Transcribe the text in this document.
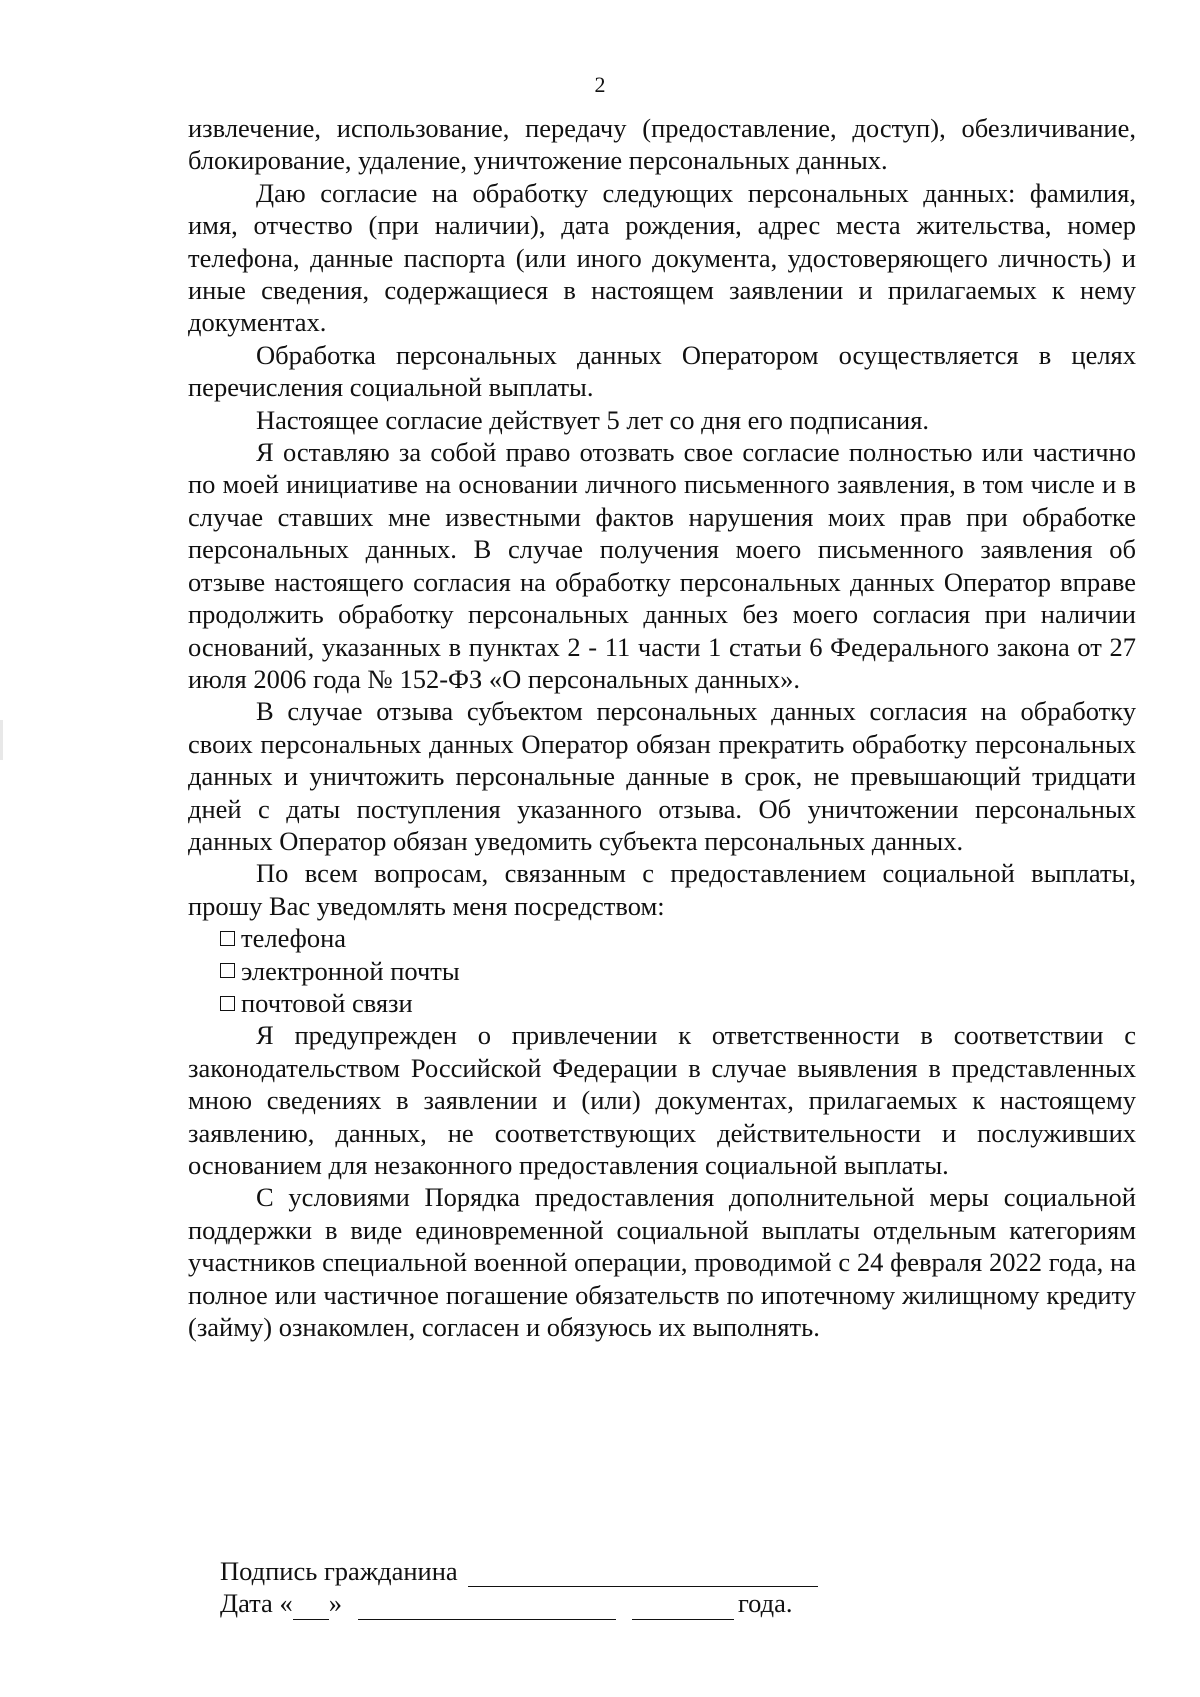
2

извлечение, использование, передачу (предоставление, доступ), обезличивание, блокирование, удаление, уничтожение персональных данных.

Даю согласие на обработку следующих персональных данных: фамилия, имя, отчество (при наличии), дата рождения, адрес места жительства, номер телефона, данные паспорта (или иного документа, удостоверяющего личность) и иные сведения, содержащиеся в настоящем заявлении и прилагаемых к нему документах.

Обработка персональных данных Оператором осуществляется в целях перечисления социальной выплаты.

Настоящее согласие действует 5 лет со дня его подписания.

Я оставляю за собой право отозвать свое согласие полностью или частично по моей инициативе на основании личного письменного заявления, в том числе и в случае ставших мне известными фактов нарушения моих прав при обработке персональных данных. В случае получения моего письменного заявления об отзыве настоящего согласия на обработку персональных данных Оператор вправе продолжить обработку персональных данных без моего согласия при наличии оснований, указанных в пунктах 2 - 11 части 1 статьи 6 Федерального закона от 27 июля 2006 года № 152-ФЗ «О персональных данных».

В случае отзыва субъектом персональных данных согласия на обработку своих персональных данных Оператор обязан прекратить обработку персональных данных и уничтожить персональные данные в срок, не превышающий тридцати дней с даты поступления указанного отзыва. Об уничтожении персональных данных Оператор обязан уведомить субъекта персональных данных.

По всем вопросам, связанным с предоставлением социальной выплаты, прошу Вас уведомлять меня посредством:

телефона
электронной почты
почтовой связи

Я предупрежден о привлечении к ответственности в соответствии с законодательством Российской Федерации в случае выявления в представленных мною сведениях в заявлении и (или) документах, прилагаемых к настоящему заявлению, данных, не соответствующих действительности и послуживших основанием для незаконного предоставления социальной выплаты.

С условиями Порядка предоставления дополнительной меры социальной поддержки в виде единовременной социальной выплаты отдельным категориям участников специальной военной операции, проводимой с 24 февраля 2022 года, на полное или частичное погашение обязательств по ипотечному жилищному кредиту (займу) ознакомлен, согласен и обязуюсь их выполнять.

Подпись гражданина
Дата « »	года.
